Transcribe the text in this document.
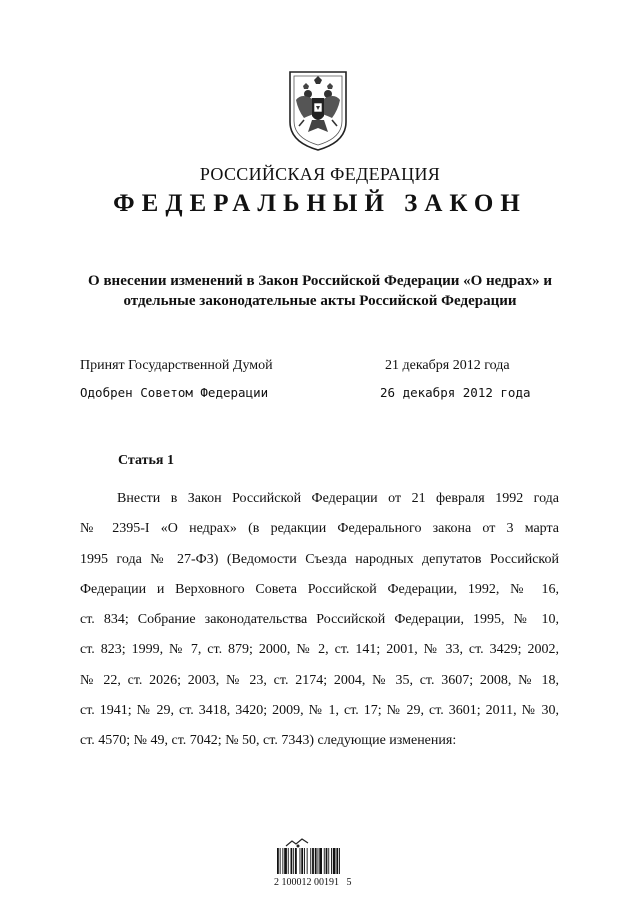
РОССИЙСКАЯ ФЕДЕРАЦИЯ
ФЕДЕРАЛЬНЫЙ ЗАКОН
О внесении изменений в Закон Российской Федерации «О недрах» и
отдельные законодательные акты Российской Федерации
Принят Государственной Думой	21 декабря 2012 года
Одобрен Советом Федерации	26 декабря 2012 года
Статья 1
Внести в Закон Российской Федерации от 21 февраля 1992 года
№ 2395-I «О недрах» (в редакции Федерального закона от 3 марта
1995 года № 27-ФЗ) (Ведомости Съезда народных депутатов Российской
Федерации и Верховного Совета Российской Федерации, 1992, № 16,
ст. 834; Собрание законодательства Российской Федерации, 1995, № 10,
ст. 823; 1999, № 7, ст. 879; 2000, № 2, ст. 141; 2001, № 33, ст. 3429; 2002,
№ 22, ст. 2026; 2003, № 23, ст. 2174; 2004, № 35, ст. 3607; 2008, № 18,
ст. 1941; № 29, ст. 3418, 3420; 2009, № 1, ст. 17; № 29, ст. 3601; 2011, № 30,
ст. 4570; № 49, ст. 7042; № 50, ст. 7343) следующие изменения:
2 100012 00191   5
